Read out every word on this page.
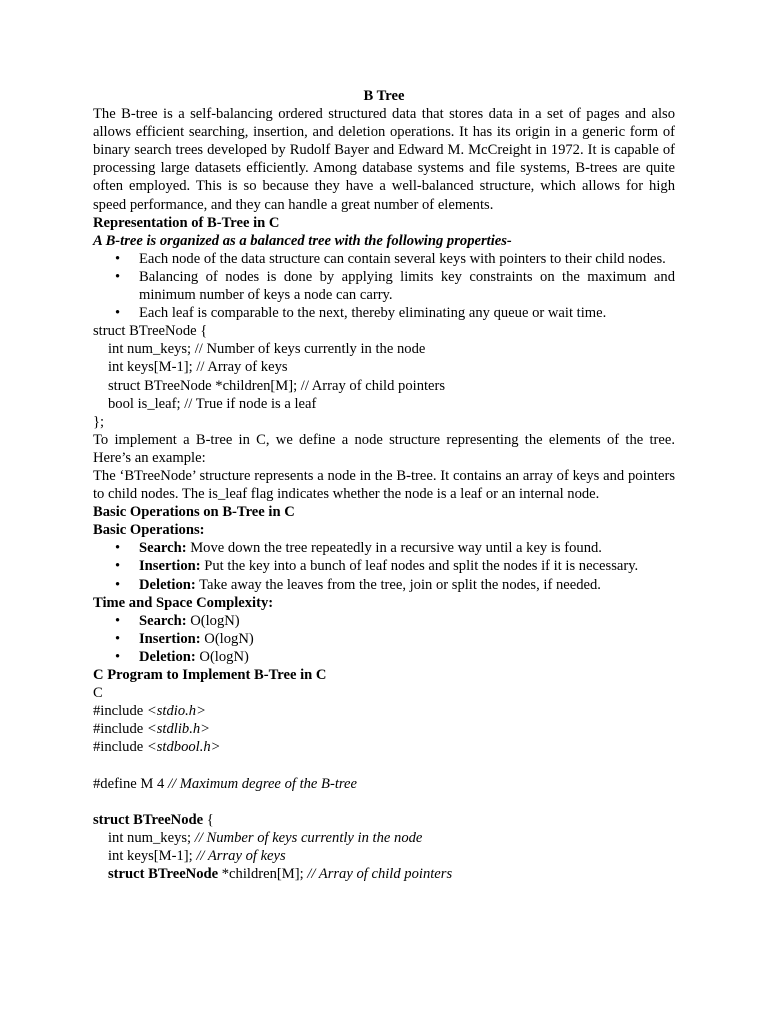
B Tree

The B-tree is a self-balancing ordered structured data that stores data in a set of pages and also allows efficient searching, insertion, and deletion operations. It has its origin in a generic form of binary search trees developed by Rudolf Bayer and Edward M. McCreight in 1972. It is capable of processing large datasets efficiently. Among database systems and file systems, B-trees are quite often employed. This is so because they have a well-balanced structure, which allows for high speed performance, and they can handle a great number of elements.

Representation of B-Tree in C

A B-tree is organized as a balanced tree with the following properties-

• Each node of the data structure can contain several keys with pointers to their child nodes.
• Balancing of nodes is done by applying limits key constraints on the maximum and minimum number of keys a node can carry.
• Each leaf is comparable to the next, thereby eliminating any queue or wait time.

struct BTreeNode {

int num_keys; // Number of keys currently in the node

int keys[M-1]; // Array of keys

struct BTreeNode *children[M]; // Array of child pointers

bool is_leaf; // True if node is a leaf

};

To implement a B-tree in C, we define a node structure representing the elements of the tree. Here’s an example:

The ‘BTreeNode’ structure represents a node in the B-tree. It contains an array of keys and pointers to child nodes. The is_leaf flag indicates whether the node is a leaf or an internal node.

Basic Operations on B-Tree in C

Basic Operations:

• Search: Move down the tree repeatedly in a recursive way until a key is found.
• Insertion: Put the key into a bunch of leaf nodes and split the nodes if it is necessary.
• Deletion: Take away the leaves from the tree, join or split the nodes, if needed.

Time and Space Complexity:

• Search: O(logN)
• Insertion: O(logN)
• Deletion: O(logN)

C Program to Implement B-Tree in C

C

#include <stdio.h>

#include <stdlib.h>

#include <stdbool.h>

#define M 4 // Maximum degree of the B-tree

struct BTreeNode {

int num_keys; // Number of keys currently in the node

int keys[M-1]; // Array of keys

struct BTreeNode *children[M]; // Array of child pointers
